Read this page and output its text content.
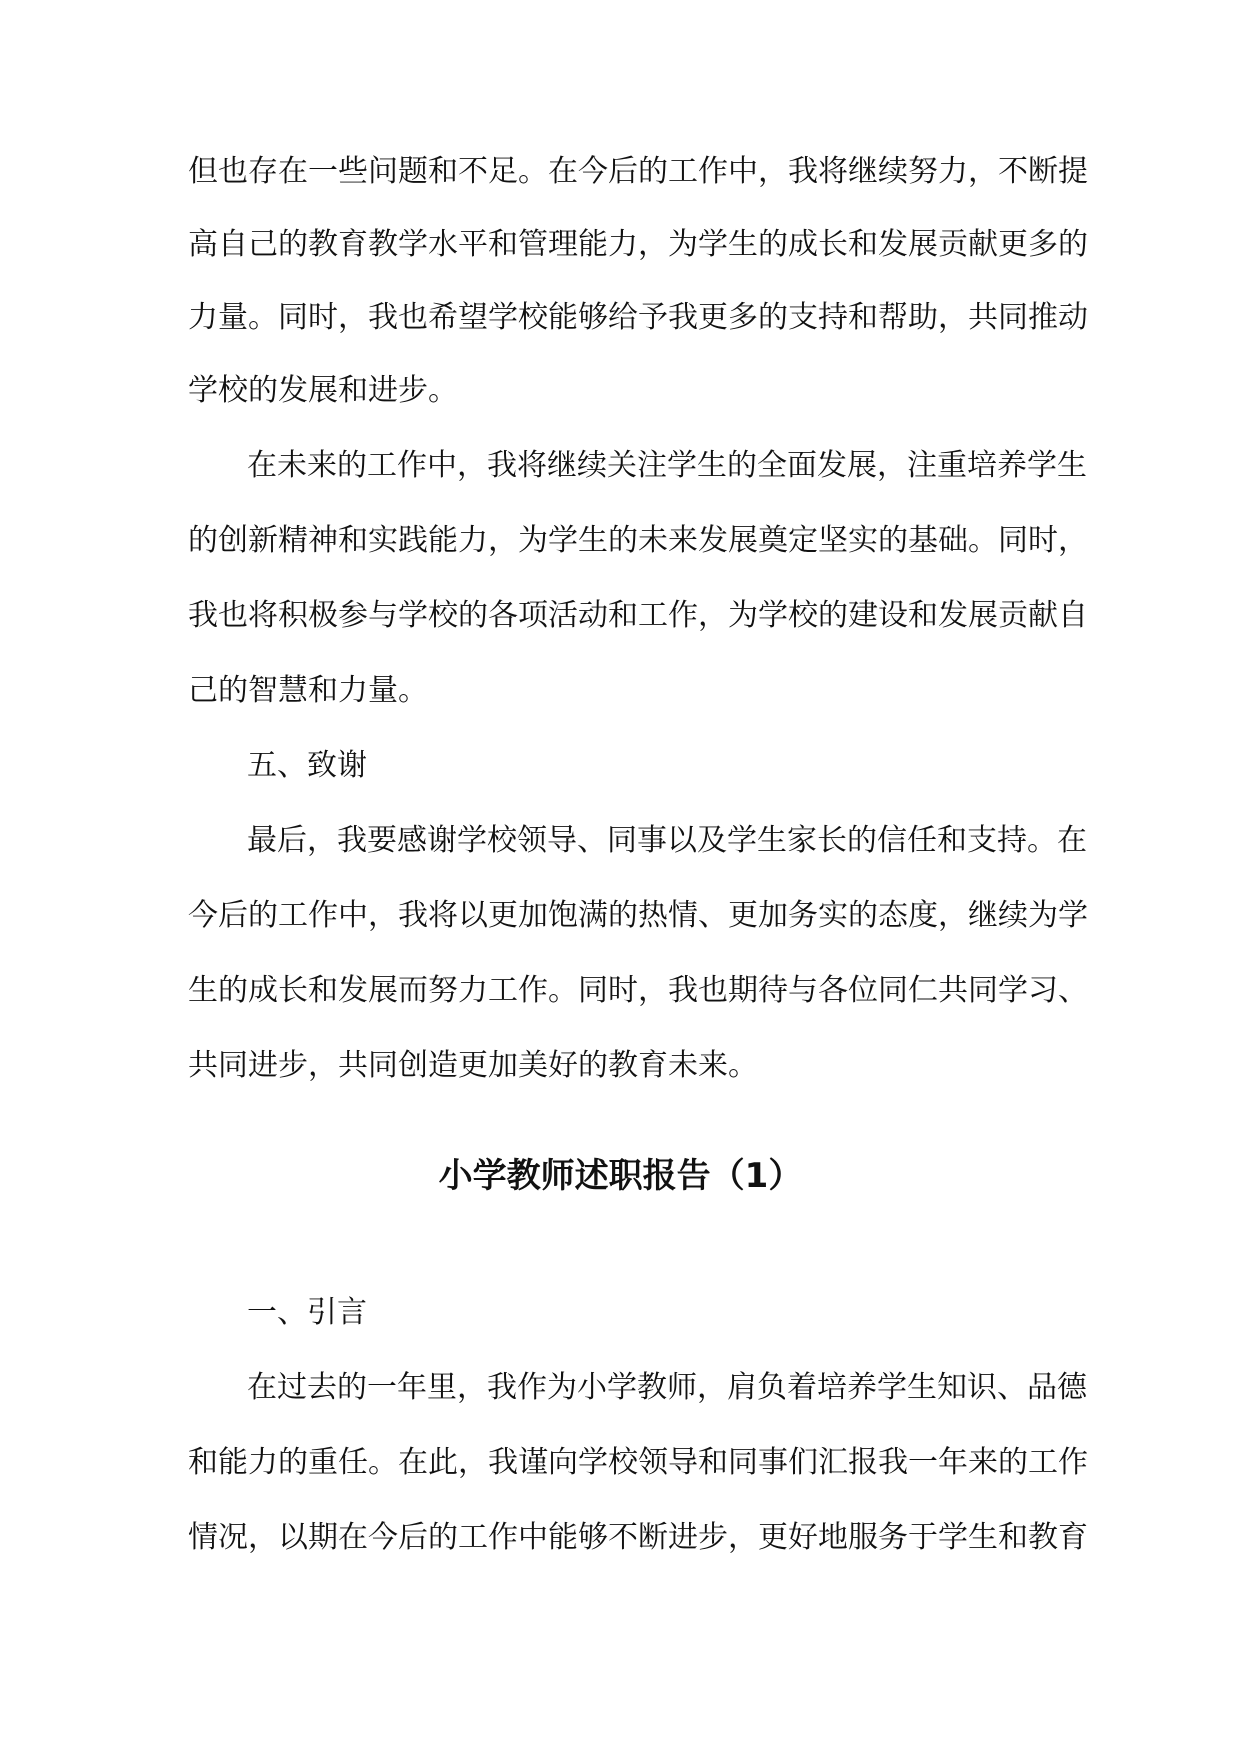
但也存在一些问题和不足。在今后的工作中，我将继续努力，不断提
高自己的教育教学水平和管理能力，为学生的成长和发展贡献更多的
力量。同时，我也希望学校能够给予我更多的支持和帮助，共同推动
学校的发展和进步。
在未来的工作中，我将继续关注学生的全面发展，注重培养学生
的创新精神和实践能力，为学生的未来发展奠定坚实的基础。同时，
我也将积极参与学校的各项活动和工作，为学校的建设和发展贡献自
己的智慧和力量。
五、致谢
最后，我要感谢学校领导、同事以及学生家长的信任和支持。在
今后的工作中，我将以更加饱满的热情、更加务实的态度，继续为学
生的成长和发展而努力工作。同时，我也期待与各位同仁共同学习、
共同进步，共同创造更加美好的教育未来。
小学教师述职报告（1）
一、引言
在过去的一年里，我作为小学教师，肩负着培养学生知识、品德
和能力的重任。在此，我谨向学校领导和同事们汇报我一年来的工作
情况，以期在今后的工作中能够不断进步，更好地服务于学生和教育
